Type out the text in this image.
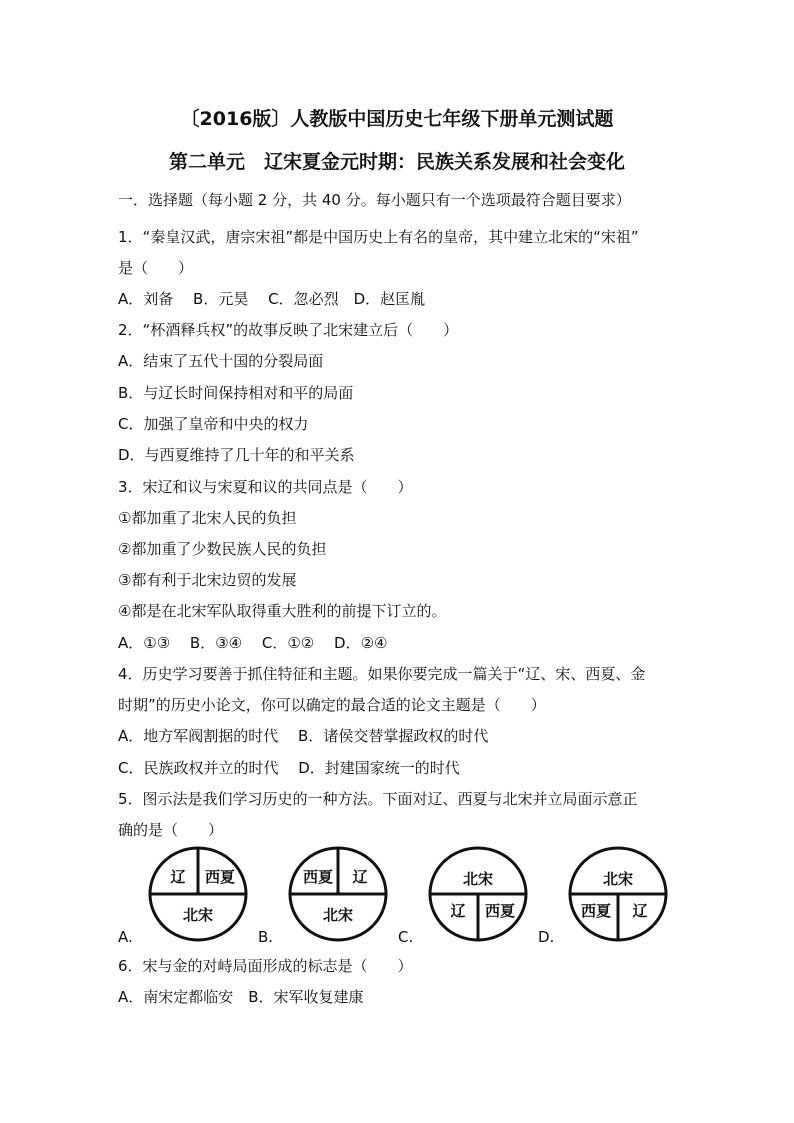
〔2016版〕人教版中国历史七年级下册单元测试题
第二单元　辽宋夏金元时期：民族关系发展和社会变化
一．选择题（每小题 2 分，共 40 分。每小题只有一个选项最符合题目要求）
1．“秦皇汉武，唐宗宋祖”都是中国历史上有名的皇帝，其中建立北宋的“宋祖”
是（　　）
A．刘备　 B．元昊　 C．忽必烈　D．赵匡胤
2．“杯酒释兵权”的故事反映了北宋建立后（　　）
A．结束了五代十国的分裂局面
B．与辽长时间保持相对和平的局面
C．加强了皇帝和中央的权力
D．与西夏维持了几十年的和平关系
3．宋辽和议与宋夏和议的共同点是（　　）
①都加重了北宋人民的负担
②都加重了少数民族人民的负担
③都有利于北宋边贸的发展
④都是在北宋军队取得重大胜利的前提下订立的。
A．①③　 B．③④　 C．①②　 D．②④
4．历史学习要善于抓住特征和主题。如果你要完成一篇关于“辽、宋、西夏、金
时期”的历史小论文，你可以确定的最合适的论文主题是（　　）
A．地方军阀割据的时代　 B．诸侯交替掌握政权的时代
C．民族政权并立的时代　 D．封建国家统一的时代
5．图示法是我们学习历史的一种方法。下面对辽、西夏与北宋并立局面示意正
确的是（　　）
A.
辽 西夏
北宋
B.
西夏 辽
北宋
C.
北宋
辽 西夏
D.
北宋
西夏 辽
6．宋与金的对峙局面形成的标志是（　　）
A．南宋定都临安　B．宋军收复建康
